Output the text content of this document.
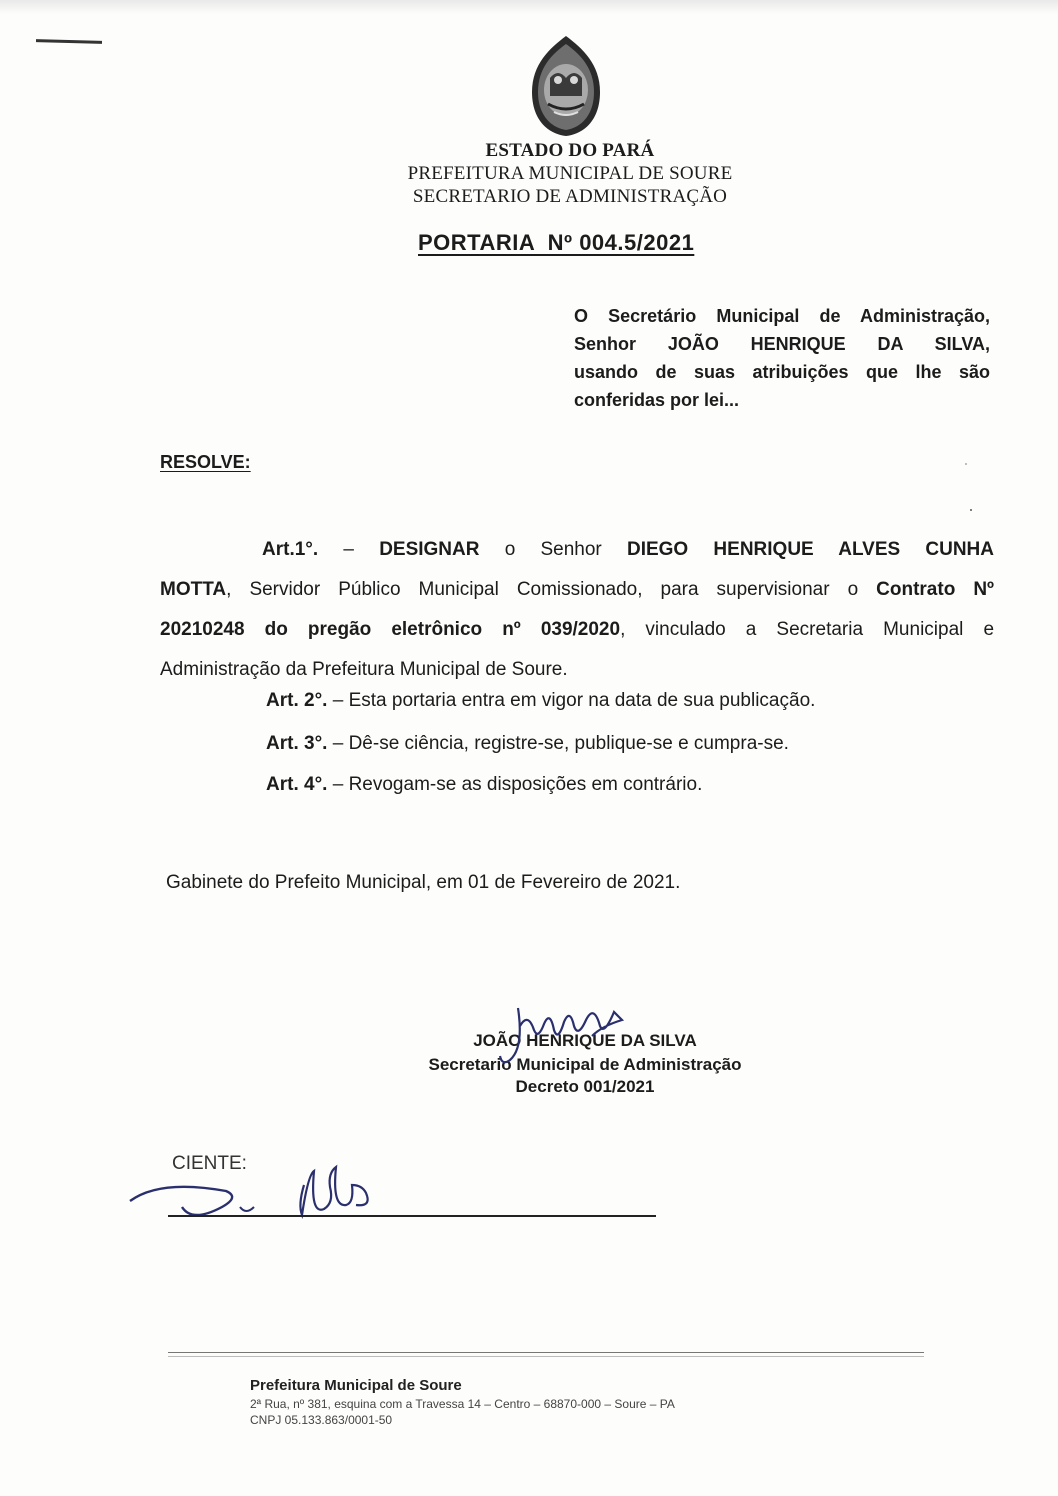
ESTADO DO PARÁ
PREFEITURA MUNICIPAL DE SOURE
SECRETARIO DE ADMINISTRAÇÃO
PORTARIA  Nº 004.5/2021
O Secretário Municipal de Administração,
Senhor JOÃO HENRIQUE DA SILVA,
usando de suas atribuições que lhe são
conferidas por lei...
RESOLVE:
Art.1°. – DESIGNAR o Senhor DIEGO HENRIQUE ALVES CUNHA
MOTTA, Servidor Público Municipal Comissionado, para supervisionar o Contrato Nº
20210248 do pregão eletrônico nº 039/2020, vinculado a Secretaria Municipal e
Administração da Prefeitura Municipal de Soure.
Art. 2°. – Esta portaria entra em vigor na data de sua publicação.
Art. 3°. – Dê-se ciência, registre-se, publique-se e cumpra-se.
Art. 4°. – Revogam-se as disposições em contrário.
Gabinete do Prefeito Municipal, em 01 de Fevereiro de 2021.
JOÃO HENRIQUE DA SILVA
Secretario Municipal de Administração
Decreto 001/2021
CIENTE:
Prefeitura Municipal de Soure
2ª Rua, nº 381, esquina com a Travessa 14 – Centro – 68870-000 – Soure – PA
CNPJ 05.133.863/0001-50
